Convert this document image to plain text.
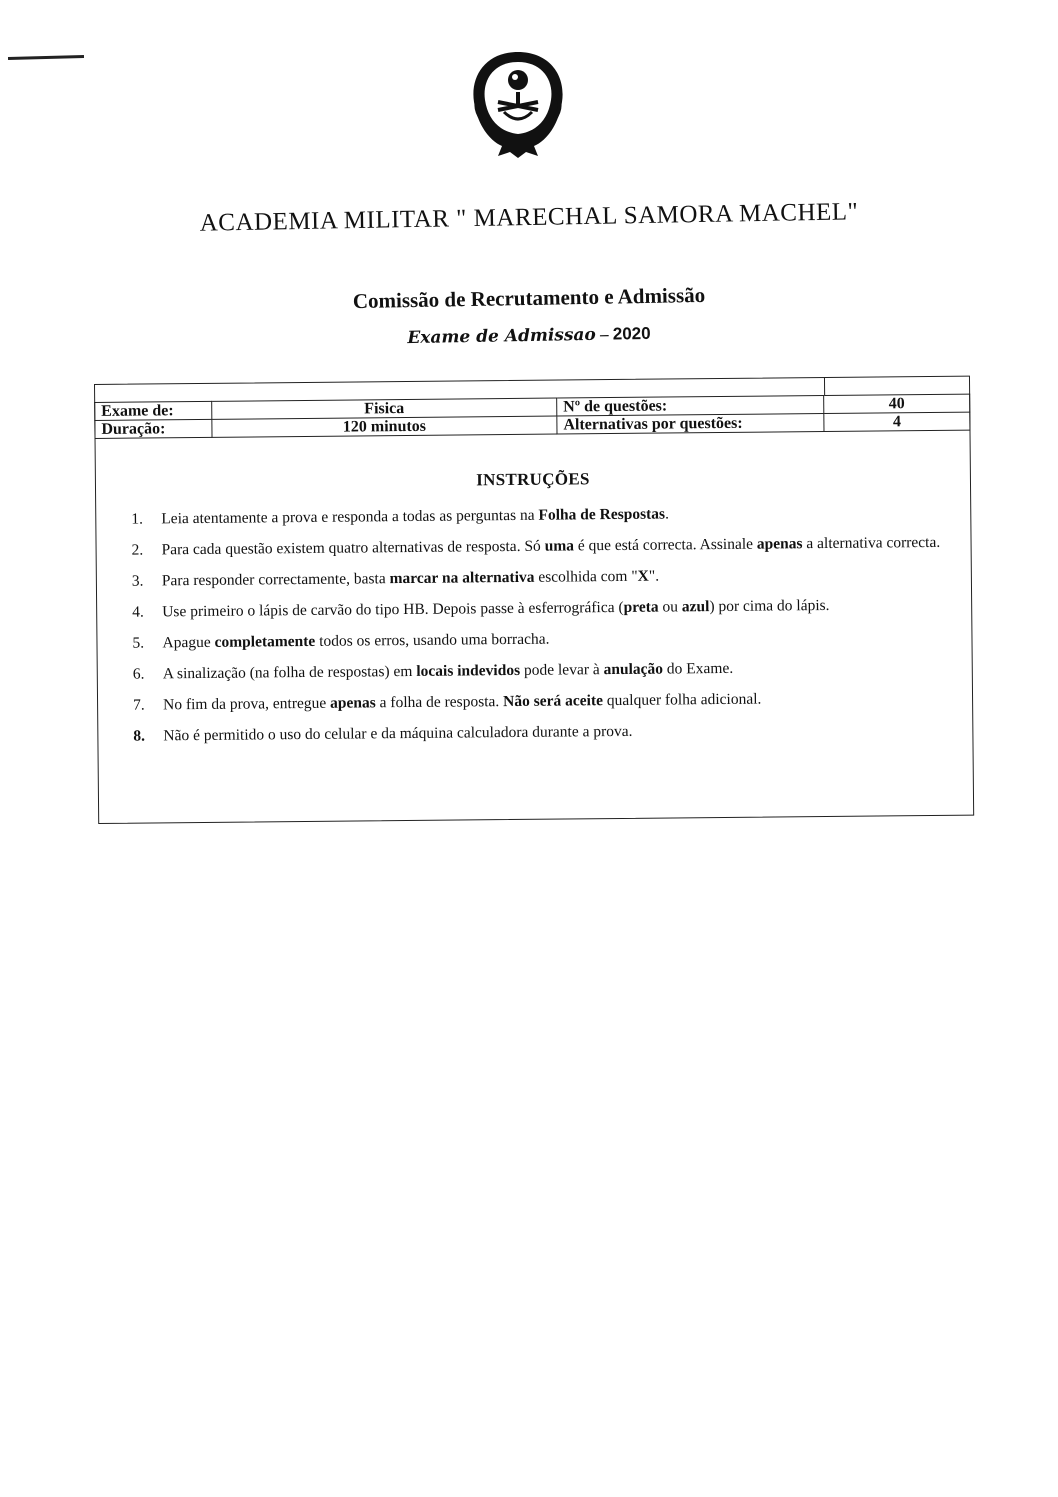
ACADEMIA MILITAR " MARECHAL SAMORA MACHEL"
Comissão de Recrutamento e Admissão
Exame de Admissao – 2020
Exame de:	Fisica	Nº de questões:	40
Duração:	120 minutos	Alternativas por questões:	4
INSTRUÇÕES
1. Leia atentamente a prova e responda a todas as perguntas na Folha de Respostas.
2. Para cada questão existem quatro alternativas de resposta. Só uma é que está correcta. Assinale apenas a alternativa correcta.
3. Para responder correctamente, basta marcar na alternativa escolhida com "X".
4. Use primeiro o lápis de carvão do tipo HB. Depois passe à esferrográfica (preta ou azul) por cima do lápis.
5. Apague completamente todos os erros, usando uma borracha.
6. A sinalização (na folha de respostas) em locais indevidos pode levar à anulação do Exame.
7. No fim da prova, entregue apenas a folha de resposta. Não será aceite qualquer folha adicional.
8. Não é permitido o uso do celular e da máquina calculadora durante a prova.
